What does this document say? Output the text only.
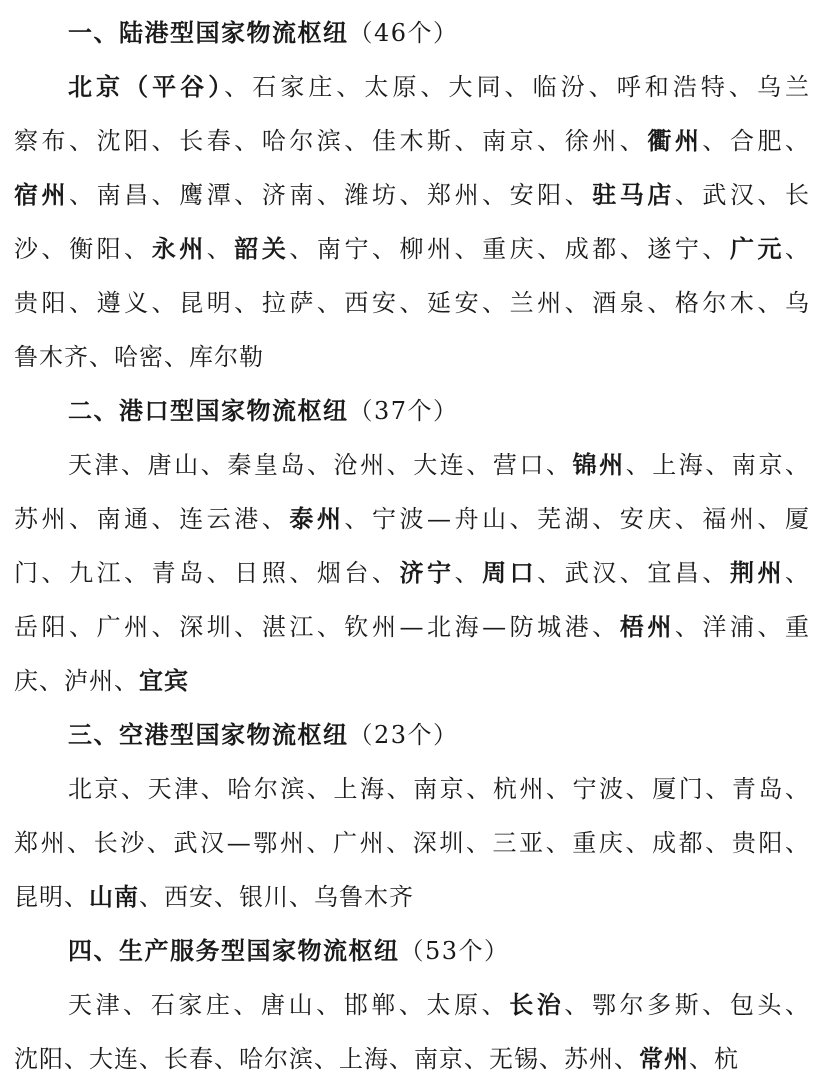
一、陆港型国家物流枢纽（46个）
北京（平谷）、石家庄、太原、大同、临汾、呼和浩特、乌兰
察布、沈阳、长春、哈尔滨、佳木斯、南京、徐州、衢州、合肥、
宿州、南昌、鹰潭、济南、潍坊、郑州、安阳、驻马店、武汉、长
沙、衡阳、永州、韶关、南宁、柳州、重庆、成都、遂宁、广元、
贵阳、遵义、昆明、拉萨、西安、延安、兰州、酒泉、格尔木、乌
鲁木齐、哈密、库尔勒
二、港口型国家物流枢纽（37个）
天津、唐山、秦皇岛、沧州、大连、营口、锦州、上海、南京、
苏州、南通、连云港、泰州、宁波—舟山、芜湖、安庆、福州、厦
门、九江、青岛、日照、烟台、济宁、周口、武汉、宜昌、荆州、
岳阳、广州、深圳、湛江、钦州—北海—防城港、梧州、洋浦、重
庆、泸州、宜宾
三、空港型国家物流枢纽（23个）
北京、天津、哈尔滨、上海、南京、杭州、宁波、厦门、青岛、
郑州、长沙、武汉—鄂州、广州、深圳、三亚、重庆、成都、贵阳、
昆明、山南、西安、银川、乌鲁木齐
四、生产服务型国家物流枢纽（53个）
天津、石家庄、唐山、邯郸、太原、长治、鄂尔多斯、包头、
沈阳、大连、长春、哈尔滨、上海、南京、无锡、苏州、常州、杭
